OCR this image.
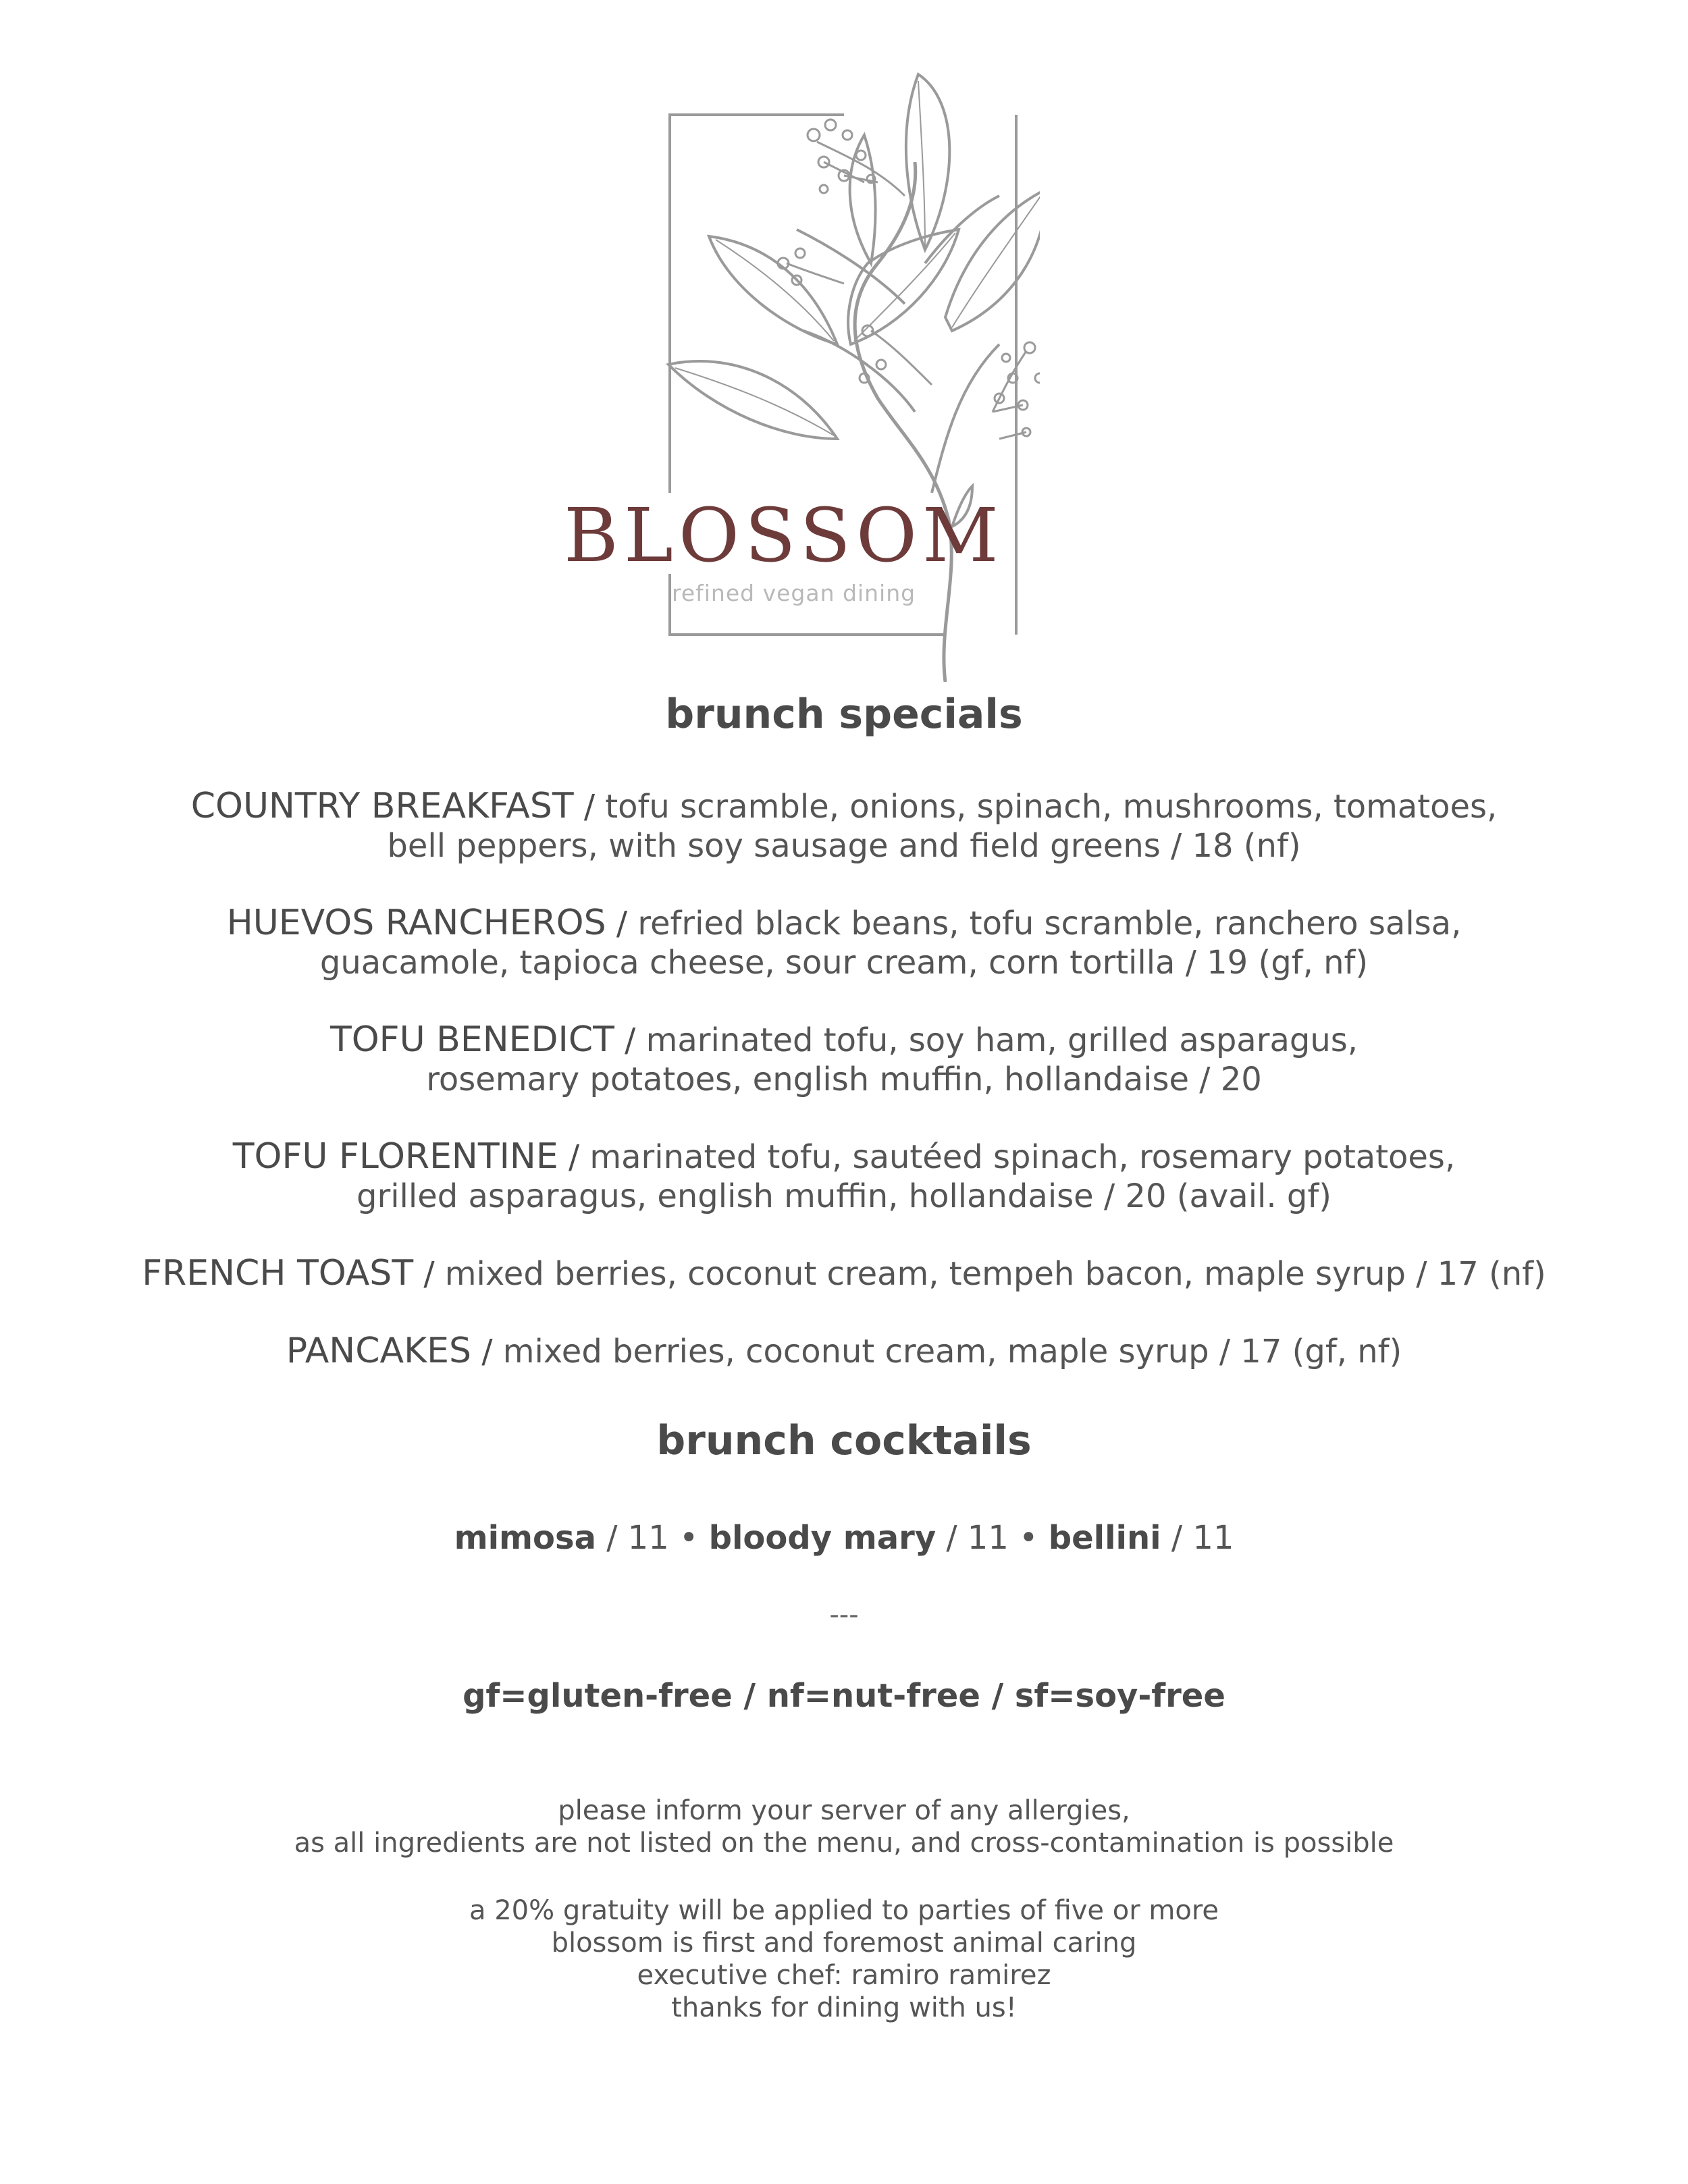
BLOSSOM
refined vegan dining
brunch specials
COUNTRY BREAKFAST / tofu scramble, onions, spinach, mushrooms, tomatoes,
bell peppers, with soy sausage and field greens / 18 (nf)
HUEVOS RANCHEROS / refried black beans, tofu scramble, ranchero salsa,
guacamole, tapioca cheese, sour cream, corn tortilla / 19 (gf, nf)
TOFU BENEDICT / marinated tofu, soy ham, grilled asparagus,
rosemary potatoes, english muffin, hollandaise / 20
TOFU FLORENTINE / marinated tofu, sautéed spinach, rosemary potatoes,
grilled asparagus, english muffin, hollandaise / 20 (avail. gf)
FRENCH TOAST / mixed berries, coconut cream, tempeh bacon, maple syrup / 17 (nf)
PANCAKES / mixed berries, coconut cream, maple syrup / 17 (gf, nf)
brunch cocktails
mimosa / 11 • bloody mary / 11 • bellini / 11
---
gf=gluten-free / nf=nut-free / sf=soy-free
please inform your server of any allergies,
as all ingredients are not listed on the menu, and cross-contamination is possible
a 20% gratuity will be applied to parties of five or more
blossom is first and foremost animal caring
executive chef: ramiro ramirez
thanks for dining with us!
